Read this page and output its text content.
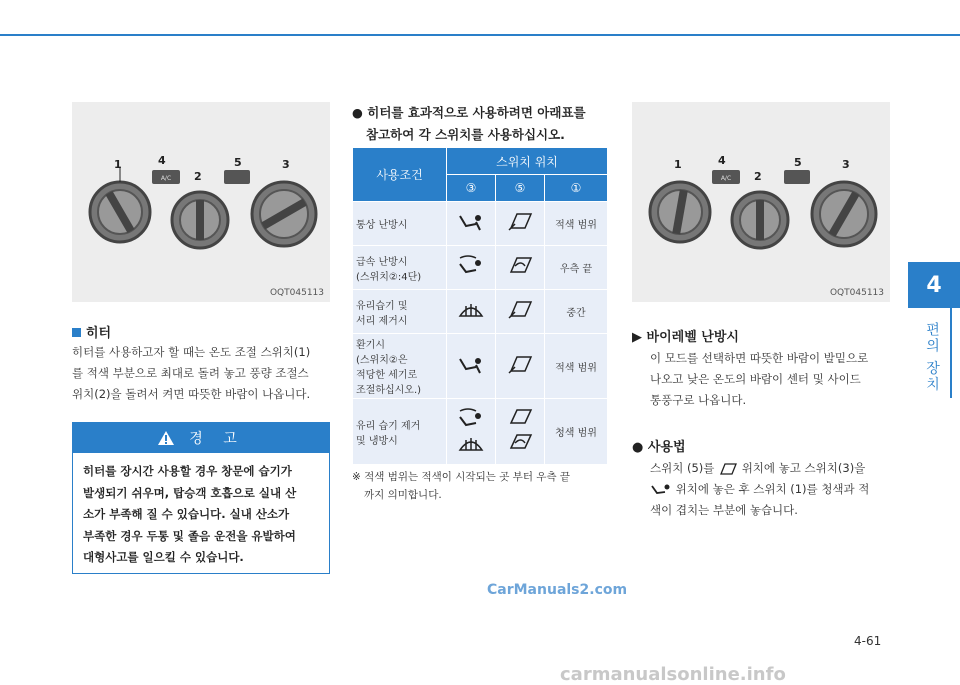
4
편의 장치
A/C
1	4
2
5	3
OQT045113
히터
히터를 사용하고자 할 때는 온도 조절 스위치(1)
를 적색 부분으로 최대로 돌려 놓고 풍량 조절스
위치(2)을 돌려서 켜면 따뜻한 바람이 나옵니다.
경 고
히터를 장시간 사용할 경우 창문에 습기가
발생되기 쉬우며, 탑승객 호흡으로 실내 산
소가 부족해 질 수 있습니다. 실내 산소가
부족한 경우 두통 및 졸음 운전을 유발하여
대형사고를 일으킬 수 있습니다.
● 히터를 효과적으로 사용하려면 아래표를
참고하여 각 스위치를 사용하십시오.
사용조건	스위치 위치		
	③	⑤	①
통상 난방시			적색 범위

급속 난방시
(스위치②:4단)			우측 끝

유리습기 및
서리 제거시			중간

환기시
(스위치②은
적당한 세기로
조절하십시오.)			적색 범위

유리 습기 제거
및 냉방시			청색 범위
※ 적색 범위는 적색이 시작되는 곳 부터 우측 끝
까지 의미합니다.
A/C
1	4
2
5	3
OQT045113
▶ 바이레벨 난방시
이 모드를 선택하면 따뜻한 바람이 발밑으로
나오고 낮은 온도의 바람이 센터 및 사이드
통풍구로 나옵니다.
● 사용법
스위치 (5)를 위치에 놓고 스위치(3)을
위치에 놓은 후 스위치 (1)를 청색과 적
색이 겹치는 부분에 놓습니다.
CarManuals2.com
4-61
carmanualsonline.info
